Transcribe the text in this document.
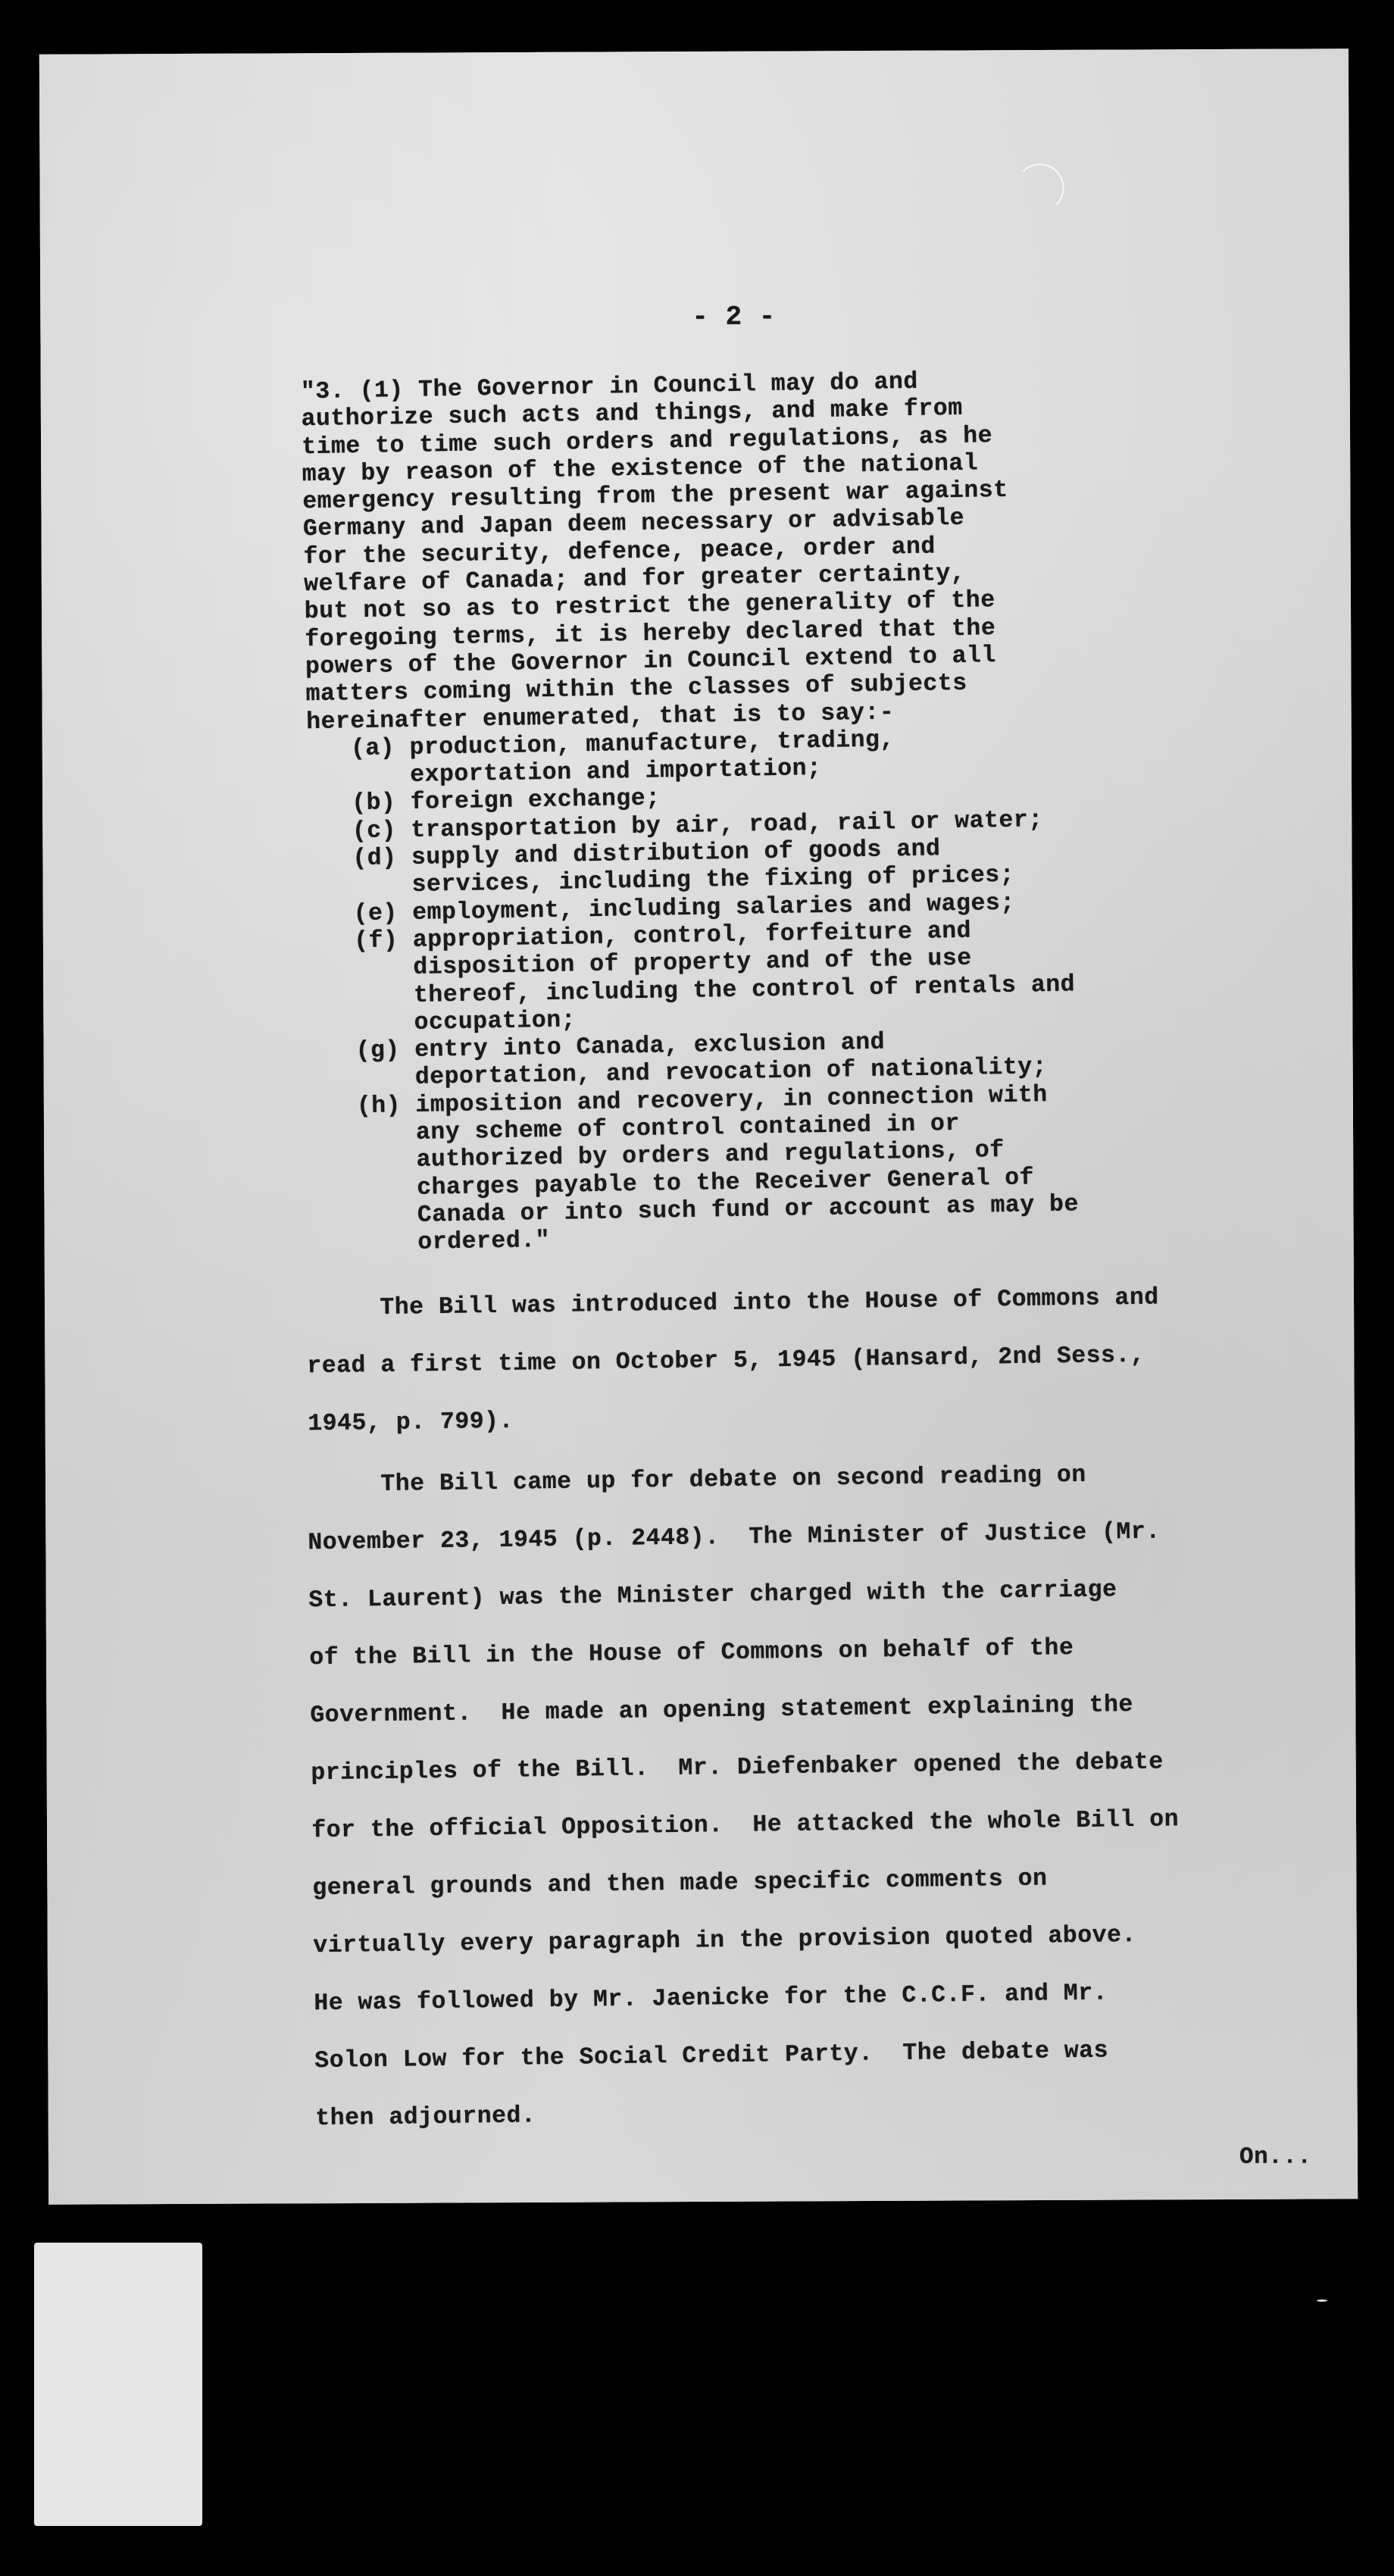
- 2 -
"3. (1) The Governor in Council may do and
authorize such acts and things, and make from
time to time such orders and regulations, as he
may by reason of the existence of the national
emergency resulting from the present war against
Germany and Japan deem necessary or advisable
for the security, defence, peace, order and
welfare of Canada; and for greater certainty,
but not so as to restrict the generality of the
foregoing terms, it is hereby declared that the
powers of the Governor in Council extend to all
matters coming within the classes of subjects
hereinafter enumerated, that is to say:-
(a) production, manufacture, trading,
exportation and importation;
(b) foreign exchange;
(c) transportation by air, road, rail or water;
(d) supply and distribution of goods and
services, including the fixing of prices;
(e) employment, including salaries and wages;
(f) appropriation, control, forfeiture and
disposition of property and of the use
thereof, including the control of rentals and
occupation;
(g) entry into Canada, exclusion and
deportation, and revocation of nationality;
(h) imposition and recovery, in connection with
any scheme of control contained in or
authorized by orders and regulations, of
charges payable to the Receiver General of
Canada or into such fund or account as may be
ordered."
The Bill was introduced into the House of Commons and
read a first time on October 5, 1945 (Hansard, 2nd Sess.,
1945, p. 799).
The Bill came up for debate on second reading on
November 23, 1945 (p. 2448).  The Minister of Justice (Mr.
St. Laurent) was the Minister charged with the carriage
of the Bill in the House of Commons on behalf of the
Government.  He made an opening statement explaining the
principles of the Bill.  Mr. Diefenbaker opened the debate
for the official Opposition.  He attacked the whole Bill on
general grounds and then made specific comments on
virtually every paragraph in the provision quoted above.
He was followed by Mr. Jaenicke for the C.C.F. and Mr.
Solon Low for the Social Credit Party.  The debate was
then adjourned.
On...
